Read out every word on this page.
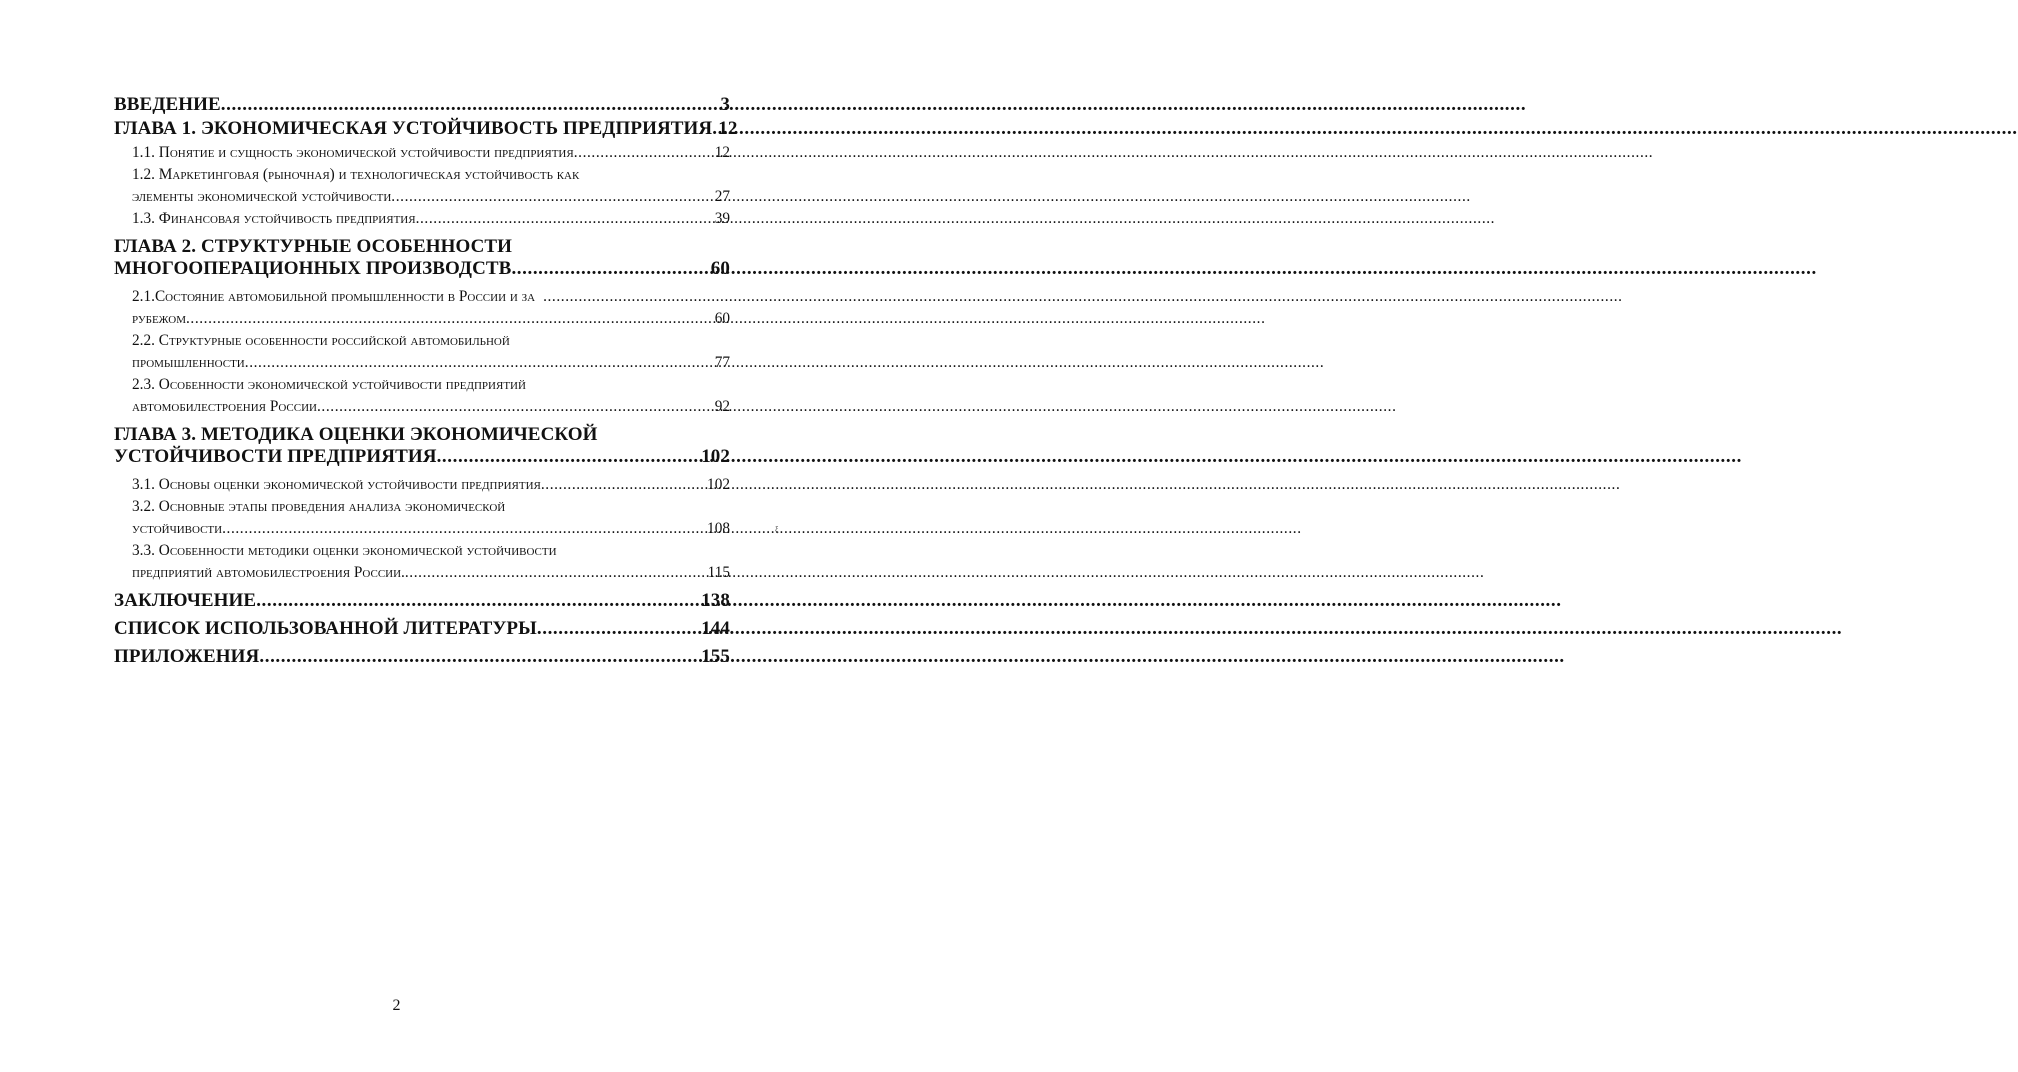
ВВЕДЕНИЕ .....	3
ГЛАВА 1. ЭКОНОМИЧЕСКАЯ УСТОЙЧИВОСТЬ ПРЕДПРИЯТИЯ ..... 12
1.1. Понятие и сущность экономической устойчивости предприятия .....	12
1.2. Маркетинговая (рыночная) и технологическая устойчивость как
элементы экономической устойчивости .....	27
1.3. Финансовая устойчивость предприятия .....	39
ГЛАВА 2. СТРУКТУРНЫЕ ОСОБЕННОСТИ
МНОГООПЕРАЦИОННЫХ ПРОИЗВОДСТВ .....	60
2.1.Состояние автомобильной промышленности в России и за
.....
рубежом .....	60
2.2. Структурные особенности российской автомобильной
промышленности .....	77
2.3. Особенности экономической устойчивости предприятий
автомобилестроения России .....	92
ГЛАВА 3. МЕТОДИКА ОЦЕНКИ ЭКОНОМИЧЕСКОЙ
УСТОЙЧИВОСТИ ПРЕДПРИЯТИЯ .....	102
3.1. Основы оценки экономической устойчивости предприятия .....	102
3.2. Основные этапы проведения анализа экономической
устойчивости .....	108
3.3. Особенности методики оценки экономической устойчивости
предприятий автомобилестроения России. .....	115
ЗАКЛЮЧЕНИЕ .....	138
СПИСОК ИСПОЛЬЗОВАННОЙ ЛИТЕРАТУРЫ .....	144
ПРИЛОЖЕНИЯ .....	155
ξ
2
